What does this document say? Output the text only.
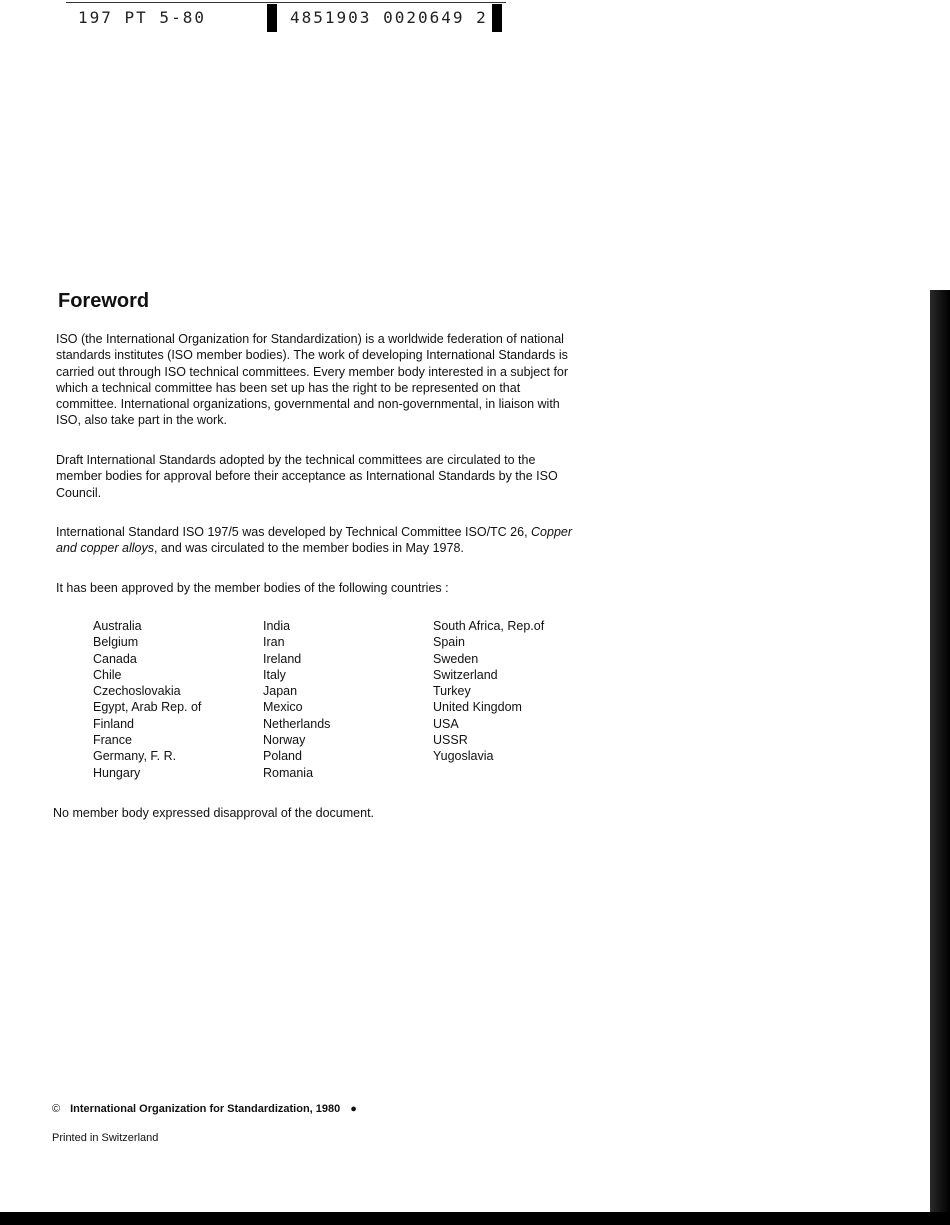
197 PT 5-80	4851903 0020649 2
Foreword

ISO (the International Organization for Standardization) is a worldwide federation of national standards institutes (ISO member bodies). The work of developing International Standards is carried out through ISO technical committees. Every member body interested in a subject for which a technical committee has been set up has the right to be represented on that committee. International organizations, governmental and non-governmental, in liaison with ISO, also take part in the work.

Draft International Standards adopted by the technical committees are circulated to the member bodies for approval before their acceptance as International Standards by the ISO Council.

International Standard ISO 197/5 was developed by Technical Committee ISO/TC 26, Copper and copper alloys, and was circulated to the member bodies in May 1978.

It has been approved by the member bodies of the following countries :

Australia
Belgium
Canada
Chile
Czechoslovakia
Egypt, Arab Rep. of
Finland
France
Germany, F. R.
Hungary
India
Iran
Ireland
Italy
Japan
Mexico
Netherlands
Norway
Poland
Romania
South Africa, Rep.of
Spain
Sweden
Switzerland
Turkey
United Kingdom
USA
USSR
Yugoslavia

No member body expressed disapproval of the document.

© International Organization for Standardization, 1980 ●
Printed in Switzerland
